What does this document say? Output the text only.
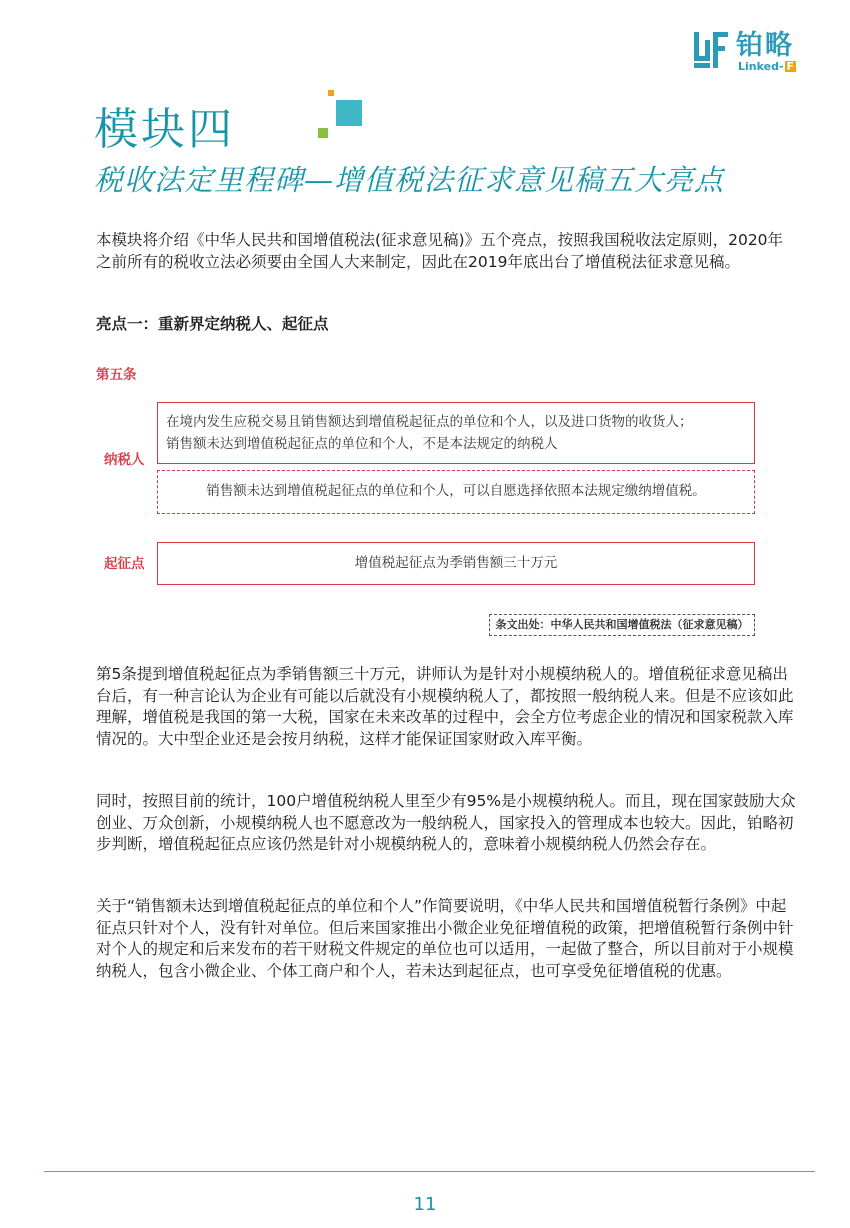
铂略
Linked- F
模块四
税收法定里程碑—增值税法征求意见稿五大亮点
本模块将介绍《中华人民共和国增值税法(征求意见稿)》五个亮点，按照我国税收法定原则，2020年之前所有的税收立法必须要由全国人大来制定，因此在2019年底出台了增值税法征求意见稿。
亮点一：重新界定纳税人、起征点
第五条
纳税人
在境内发生应税交易且销售额达到增值税起征点的单位和个人，以及进口货物的收货人；
销售额未达到增值税起征点的单位和个人，不是本法规定的纳税人
销售额未达到增值税起征点的单位和个人，可以自愿选择依照本法规定缴纳增值税。
起征点	增值税起征点为季销售额三十万元
条文出处：中华人民共和国增值税法（征求意见稿）
第5条提到增值税起征点为季销售额三十万元，讲师认为是针对小规模纳税人的。增值税征求意见稿出台后，有一种言论认为企业有可能以后就没有小规模纳税人了，都按照一般纳税人来。但是不应该如此理解，增值税是我国的第一大税，国家在未来改革的过程中，会全方位考虑企业的情况和国家税款入库情况的。大中型企业还是会按月纳税，这样才能保证国家财政入库平衡。
同时，按照目前的统计，100户增值税纳税人里至少有95%是小规模纳税人。而且，现在国家鼓励大众创业、万众创新，小规模纳税人也不愿意改为一般纳税人，国家投入的管理成本也较大。因此，铂略初步判断，增值税起征点应该仍然是针对小规模纳税人的，意味着小规模纳税人仍然会存在。
关于“销售额未达到增值税起征点的单位和个人”作简要说明，《中华人民共和国增值税暂行条例》中起征点只针对个人，没有针对单位。但后来国家推出小微企业免征增值税的政策，把增值税暂行条例中针对个人的规定和后来发布的若干财税文件规定的单位也可以适用，一起做了整合，所以目前对于小规模纳税人，包含小微企业、个体工商户和个人，若未达到起征点，也可享受免征增值税的优惠。
11
